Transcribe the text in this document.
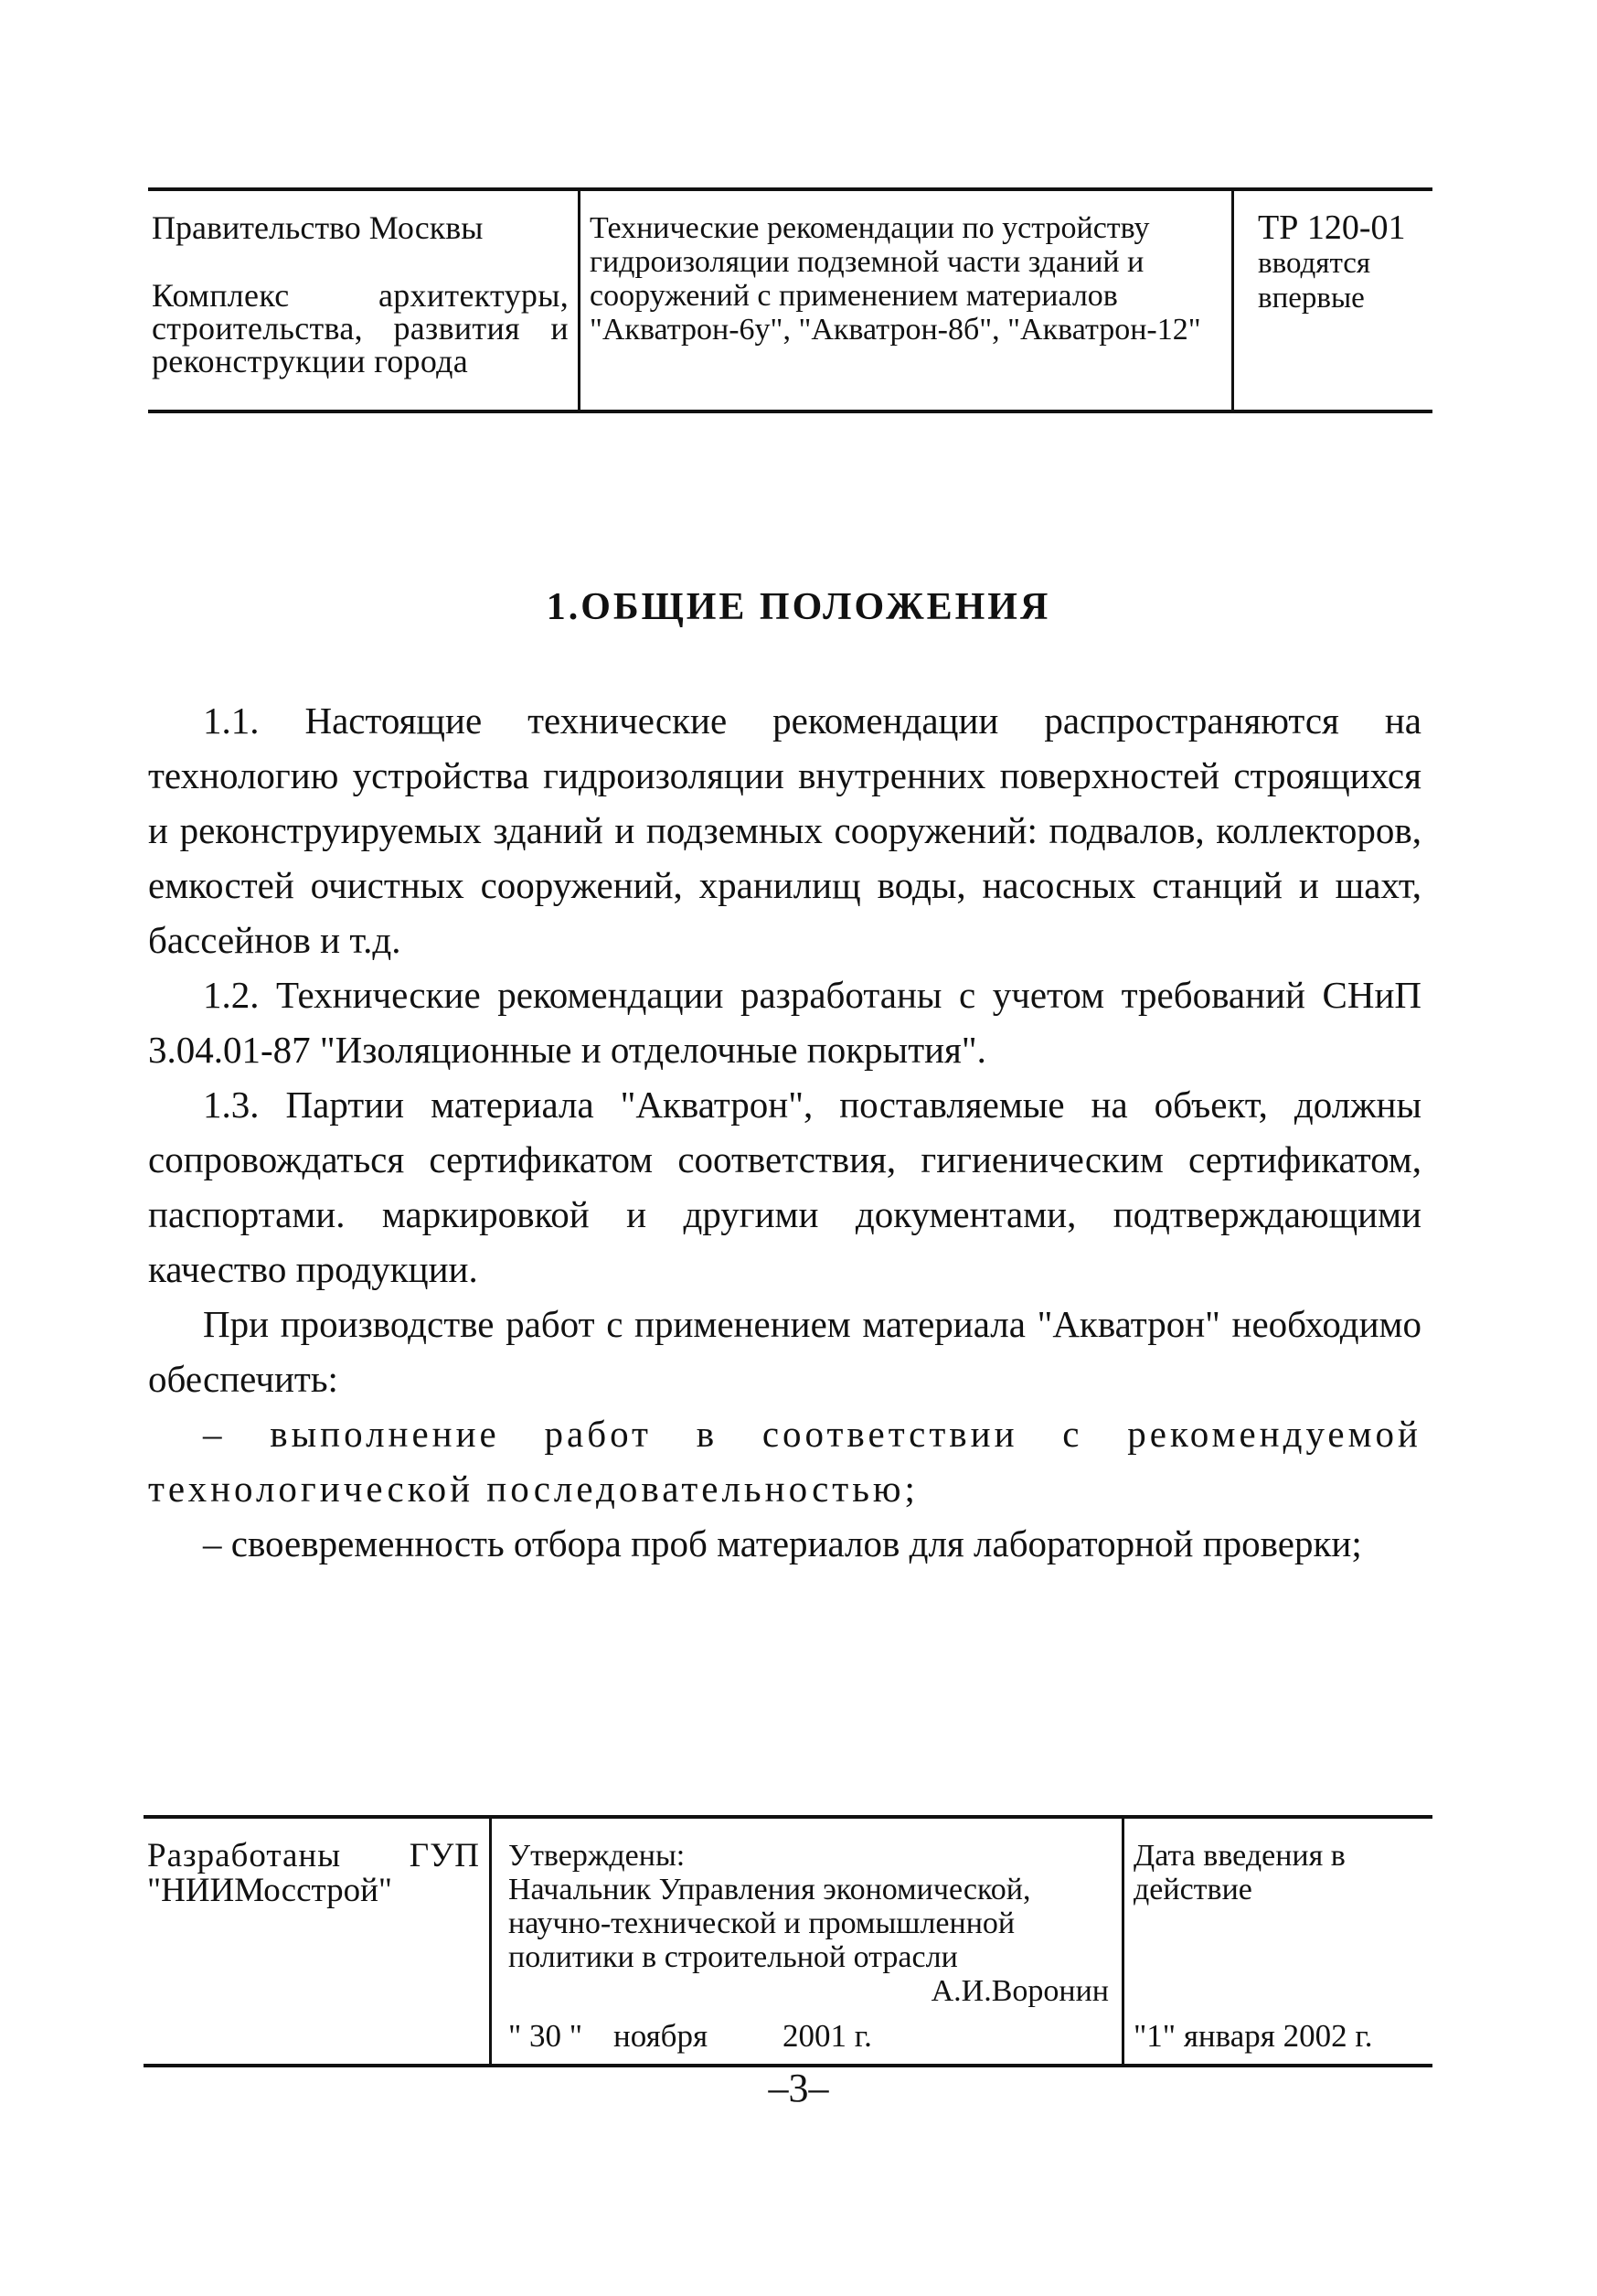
Правительство Москвы
Комплекс архитектуры, строительства, развития и реконструкции города
Технические рекомендации по устройству гидроизоляции подземной части зданий и сооружений с применением материалов "Акватрон-6у", "Акватрон-8б", "Акватрон-12"
ТР 120-01
вводятся впервые
1.ОБЩИЕ ПОЛОЖЕНИЯ

1.1. Настоящие технические рекомендации распространяются на технологию устройства гидроизоляции внутренних поверхностей строящихся и реконструируемых зданий и подземных сооружений: подвалов, коллекторов, емкостей очистных сооружений, хранилищ воды, насосных станций и шахт, бассейнов и т.д.

1.2. Технические рекомендации разработаны с учетом требований СНиП 3.04.01-87 "Изоляционные и отделочные покрытия".

1.3. Партии материала "Акватрон", поставляемые на объект, должны сопровождаться сертификатом соответствия, гигиеническим сертификатом, паспортами. маркировкой и другими документами, подтверждающими качество продукции.

При производстве работ с применением материала "Акватрон" необходимо обеспечить:

– выполнение работ в соответствии с рекомендуемой технологической последовательностью;

– своевременность отбора проб материалов для лабораторной проверки;

Разработаны ГУП
"НИИМосстрой"
Утверждены:
Начальник Управления экономической, научно-технической и промышленной политики в строительной отрасли
А.И.Воронин
" 30 " ноября	2001 г.
Дата введения в действие
"1" января 2002 г.
–3–
